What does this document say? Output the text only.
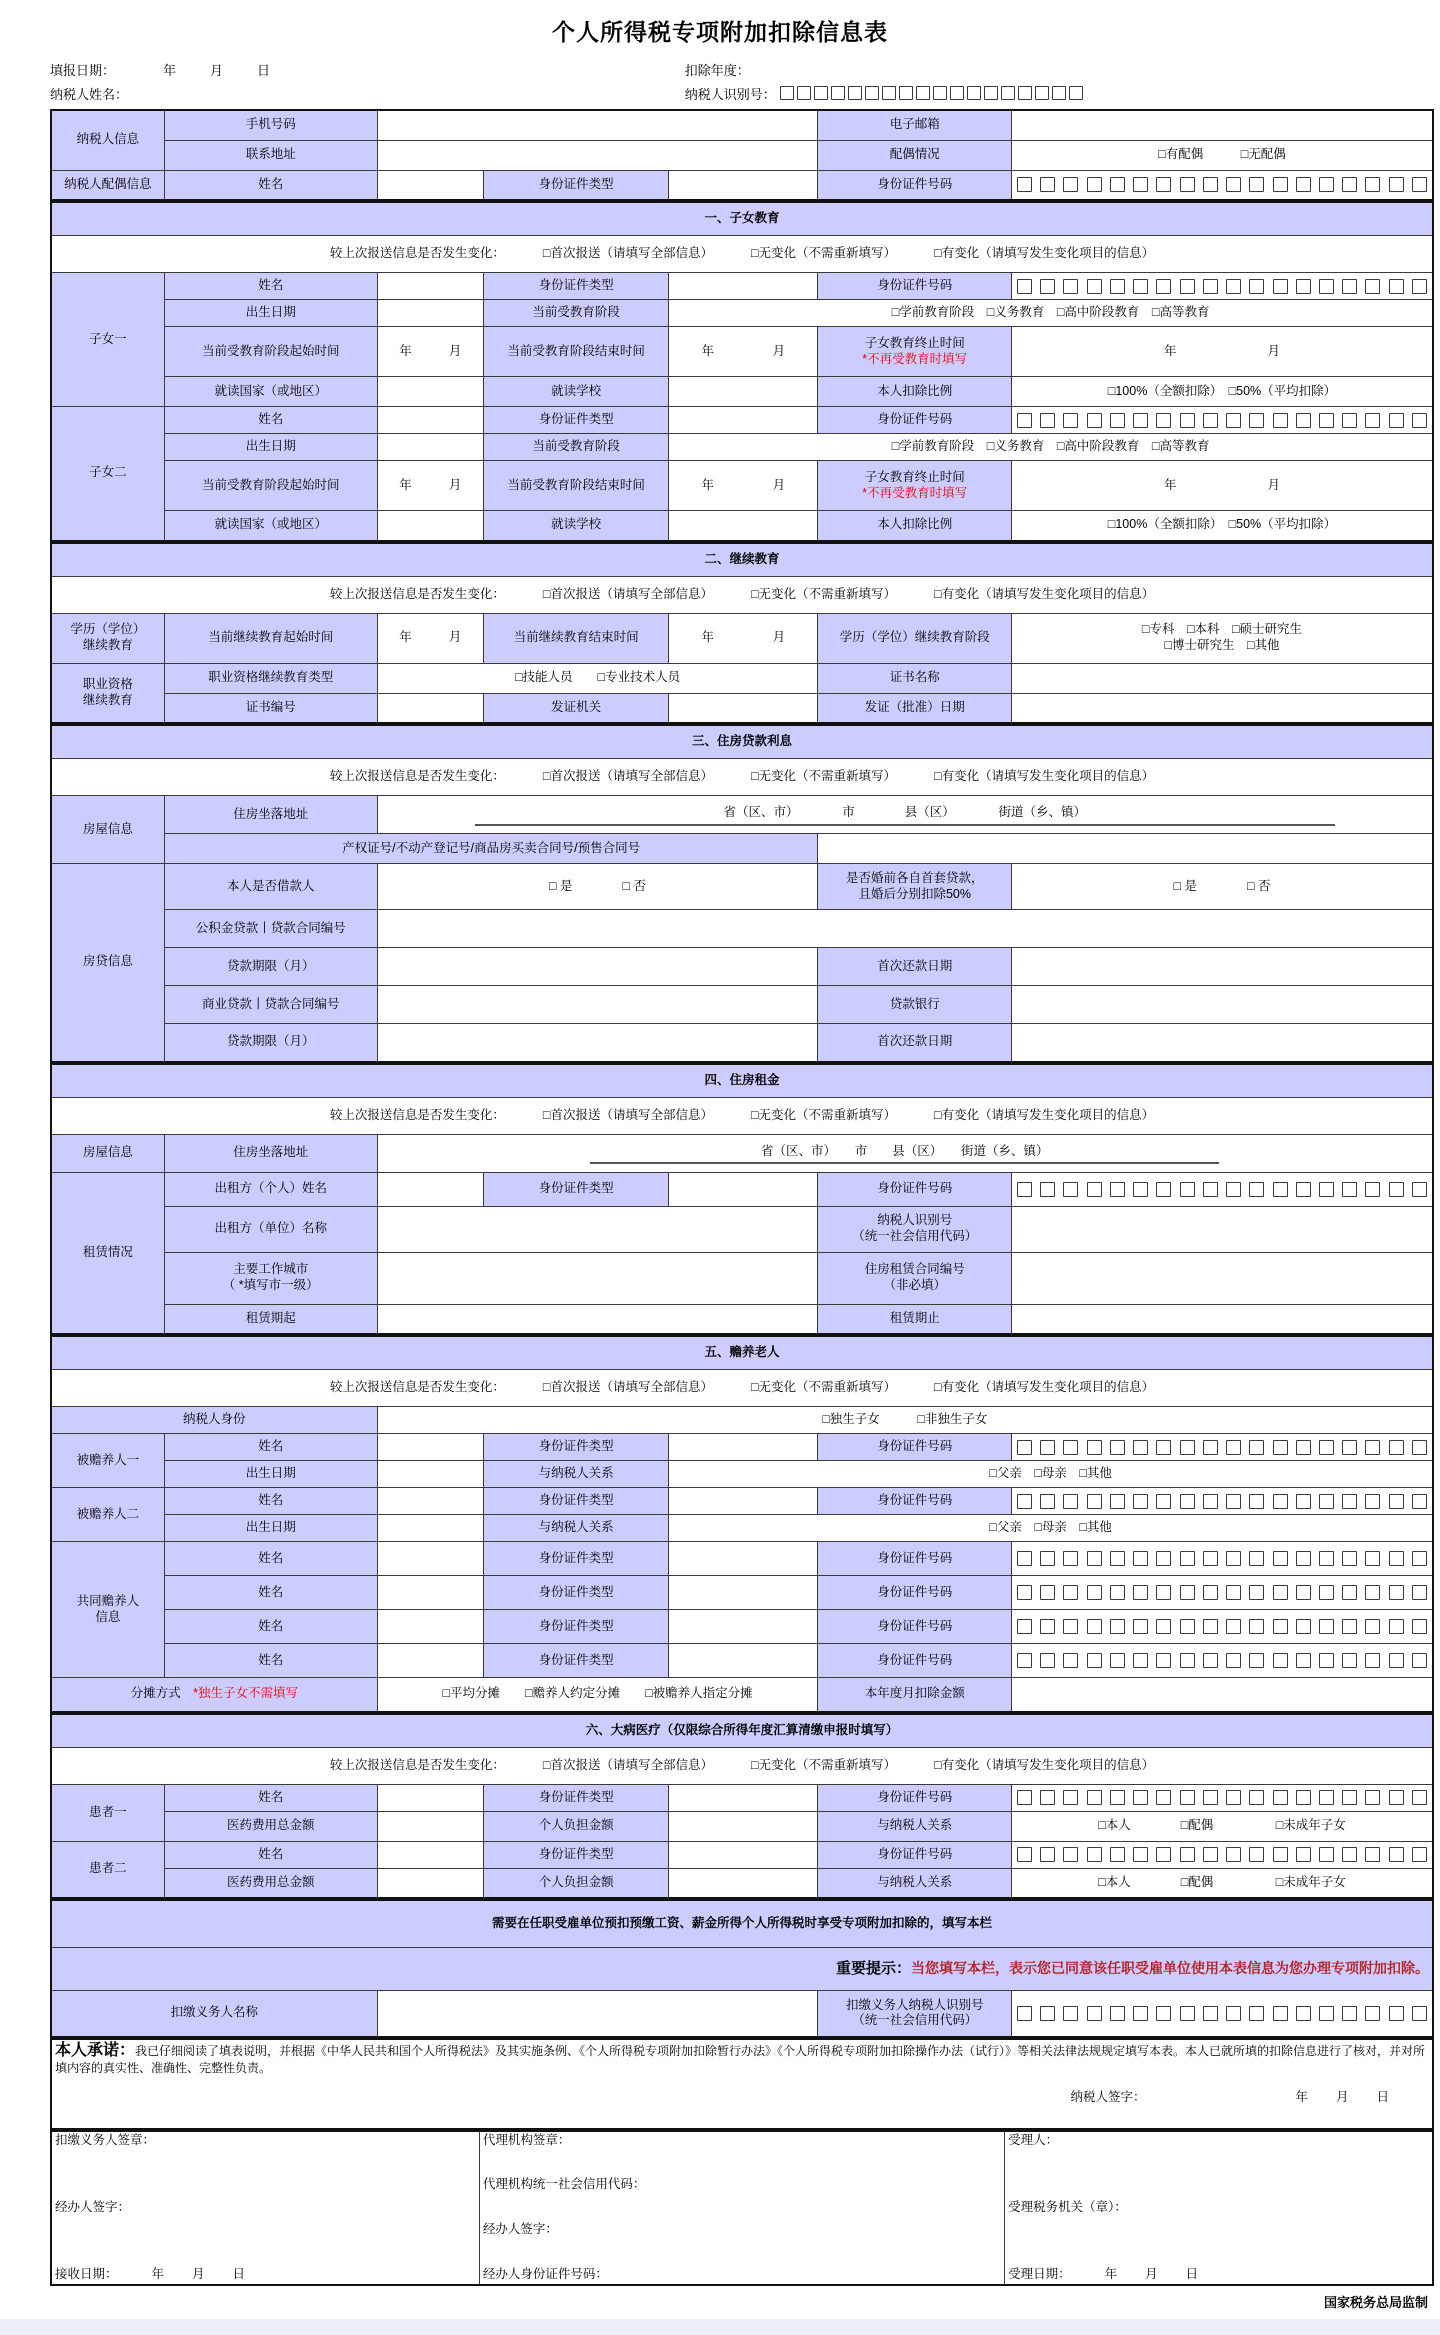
个人所得税专项附加扣除信息表
填报日期：	年	月	日	扣除年度：
纳税人姓名：	纳税人识别号：
纳税人信息	手机号码				电子邮箱	
	联系地址				配偶情况	□有配偶　　　□无配偶
纳税人配偶信息	姓名		身份证件类型		身份证件号码	
一、子女教育						

较上次报送信息是否发生变化： □首次报送（请填写全部信息） □无变化（不需重新填写） □有变化（请填写发生变化项目的信息）						

子女一	姓名		身份证件类型		身份证件号码	

	出生日期		当前受教育阶段	□学前教育阶段　□义务教育　□高中阶段教育　□高等教育		
	当前受教育阶段起始时间	年 月	当前受教育阶段结束时间	年 月	子女教育终止时间
*不再受教育时填写	年 月

	就读国家（或地区）		就读学校		本人扣除比例	□100%（全额扣除）　□50%（平均扣除）
子女二	姓名		身份证件类型		身份证件号码	

	出生日期		当前受教育阶段	□学前教育阶段　□义务教育　□高中阶段教育　□高等教育		
	当前受教育阶段起始时间	年 月	当前受教育阶段结束时间	年 月	子女教育终止时间
*不再受教育时填写	年 月

	就读国家（或地区）		就读学校		本人扣除比例	□100%（全额扣除）　□50%（平均扣除）
二、继续教育						

较上次报送信息是否发生变化： □首次报送（请填写全部信息） □无变化（不需重新填写） □有变化（请填写发生变化项目的信息）						

学历（学位）
继续教育	当前继续教育起始时间	年 月	当前继续教育结束时间	年 月	学历（学位）继续教育阶段	□专科　□本科　□硕士研究生
□博士研究生　□其他
职业资格
继续教育	职业资格继续教育类型	□技能人员　　□专业技术人员			证书名称	
	证书编号		发证机关		发证（批准）日期	
三、住房贷款利息				

较上次报送信息是否发生变化： □首次报送（请填写全部信息） □无变化（不需重新填写） □有变化（请填写发生变化项目的信息）				

房屋信息	住房坐落地址	省（区、市）　　　　市　　　　县（区）　　　　街道（乡、镇）		

	产权证号/不动产登记号/商品房买卖合同号/预售合同号			
房贷信息	本人是否借款人	□ 是　　　　□ 否	是否婚前各自首套贷款，
且婚后分别扣除50%	□ 是　　　　□ 否
	公积金贷款丨贷款合同编号			
	贷款期限（月）		首次还款日期	
	商业贷款丨贷款合同编号		贷款银行	
	贷款期限（月）		首次还款日期	
四、住房租金						

较上次报送信息是否发生变化： □首次报送（请填写全部信息） □无变化（不需重新填写） □有变化（请填写发生变化项目的信息）						

房屋信息	住房坐落地址	省（区、市）　　市　　县（区）　　街道（乡、镇）				

租赁情况	出租方（个人）姓名		身份证件类型		身份证件号码	

	出租方（单位）名称				纳税人识别号
（统一社会信用代码）	
	主要工作城市
（ *填写市一级）				住房租赁合同编号
（非必填）	
	租赁期起				租赁期止	
五、赡养老人						

较上次报送信息是否发生变化： □首次报送（请填写全部信息） □无变化（不需重新填写） □有变化（请填写发生变化项目的信息）						

纳税人身份		□独生子女　　　□非独生子女				
被赡养人一	姓名		身份证件类型		身份证件号码	

	出生日期		与纳税人关系	□父亲　□母亲　□其他		
被赡养人二	姓名		身份证件类型		身份证件号码	

	出生日期		与纳税人关系	□父亲　□母亲　□其他		
共同赡养人
信息	姓名		身份证件类型		身份证件号码	

	姓名		身份证件类型		身份证件号码	

	姓名		身份证件类型		身份证件号码	

	姓名		身份证件类型		身份证件号码	

分摊方式　 *独生子女不需填写		□平均分摊　　□赡养人约定分摊　　□被赡养人指定分摊			本年度月扣除金额	
六、大病医疗（仅限综合所得年度汇算清缴申报时填写）						

较上次报送信息是否发生变化： □首次报送（请填写全部信息） □无变化（不需重新填写） □有变化（请填写发生变化项目的信息）						

患者一	姓名		身份证件类型		身份证件号码	

	医药费用总金额		个人负担金额		与纳税人关系	□本人　　　　□配偶　　　　　□未成年子女
患者二	姓名		身份证件类型		身份证件号码	

	医药费用总金额		个人负担金额		与纳税人关系	□本人　　　　□配偶　　　　　□未成年子女
需要在任职受雇单位预扣预缴工资、薪金所得个人所得税时享受专项附加扣除的，填写本栏
重要提示：当您填写本栏，表示您已同意该任职受雇单位使用本表信息为您办理专项附加扣除。
扣缴义务人名称		扣缴义务人纳税人识别号
（统一社会信用代码）	
本人承诺：我已仔细阅读了填表说明，并根据《中华人民共和国个人所得税法》及其实施条例、《个人所得税专项附加扣除暂行办法》《个人所得税专项附加扣除操作办法（试行）》等相关法律法规规定填写本表。本人已就所填的扣除信息进行了核对，并对所填内容的真实性、准确性、完整性负责。
纳税人签字：	年 月 日
扣缴义务人签章：
经办人签字：
接收日期：	年 月 日

代理机构签章：
代理机构统一社会信用代码：
经办人签字：
经办人身份证件号码：

受理人：
受理税务机关（章）：
受理日期：	年 月 日
国家税务总局监制
